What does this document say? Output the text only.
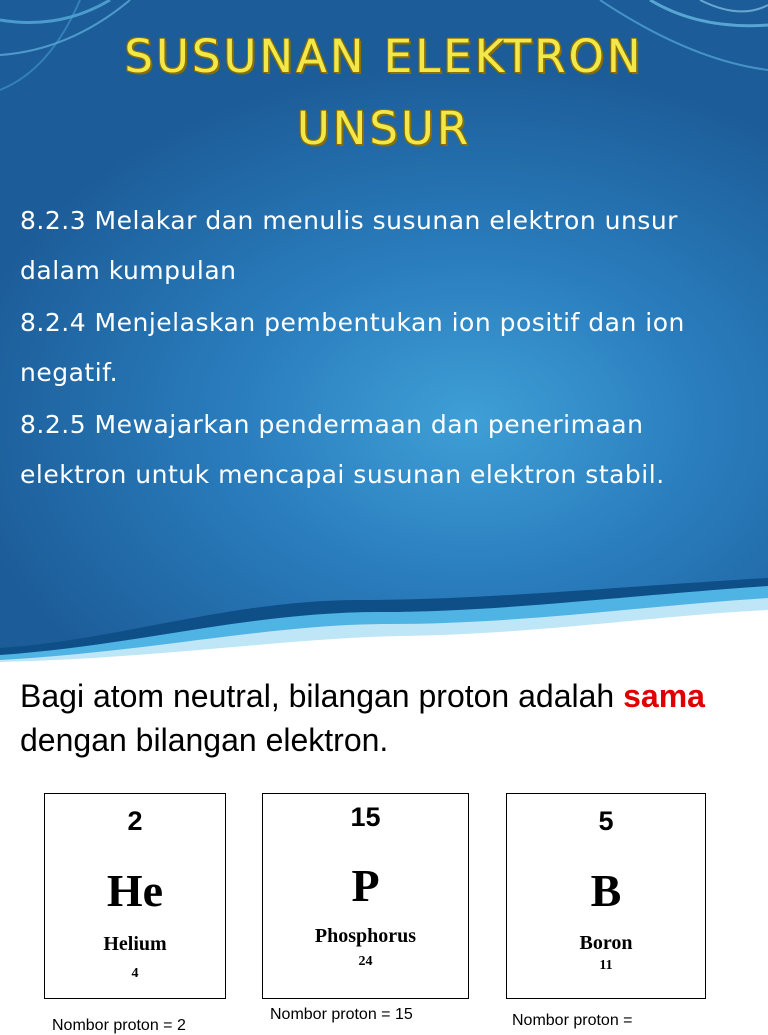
SUSUNAN ELEKTRON
UNSUR
8.2.3 Melakar dan menulis susunan elektron unsur dalam kumpulan
8.2.4 Menjelaskan pembentukan ion positif dan ion negatif.
8.2.5 Mewajarkan pendermaan dan penerimaan elektron untuk mencapai susunan elektron stabil.
Bagi atom neutral, bilangan proton adalah sama dengan bilangan elektron.
2
He
Helium
4
15
P
Phosphorus
24
5
B
Boron
11
Nombor proton = 2
Nombor proton = 15	Nombor proton =
